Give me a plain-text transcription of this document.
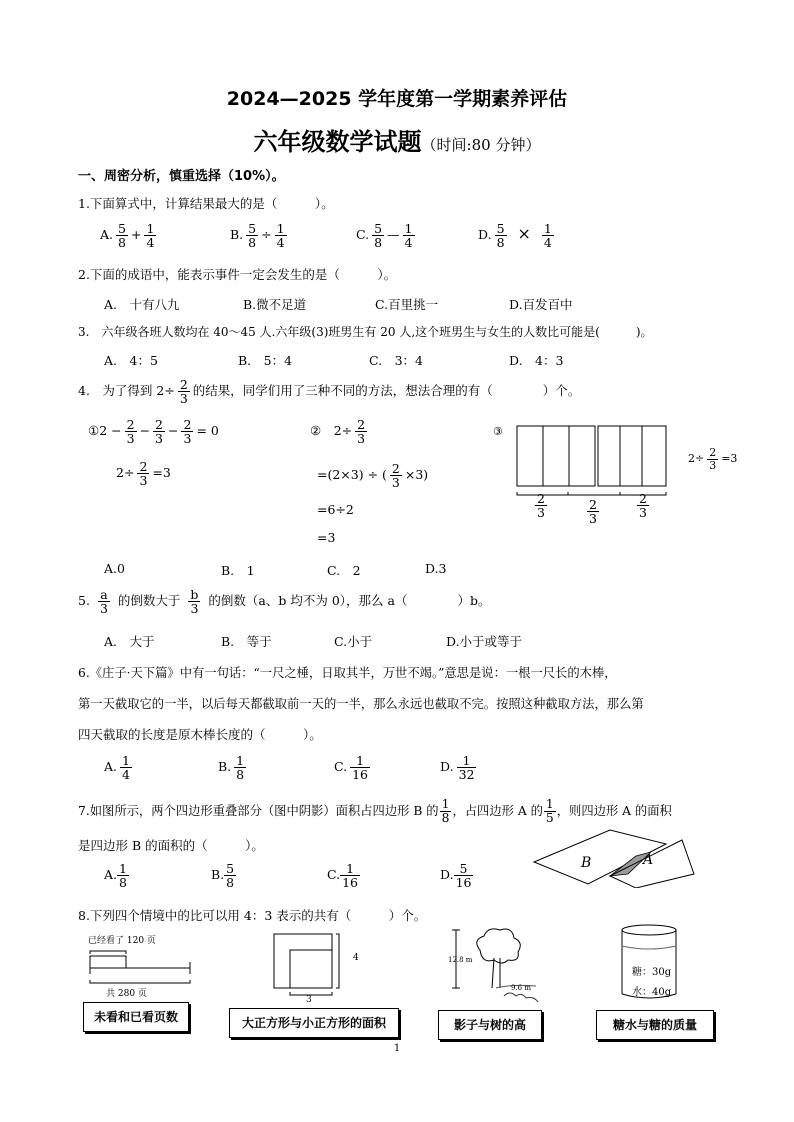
2024—2025 学年度第一学期素养评估
六年级数学试题（时间:80 分钟）
一、周密分析，慎重选择（10%）。
1.下面算式中，计算结果最大的是（　　　）。
A. $\frac{5}{8} + \frac{1}{4}$	B. $\frac{5}{8} \div \frac{1}{4}$	C. $\frac{5}{8}$ — $\frac{1}{4}$	D. $\frac{5}{8} \times \frac{1}{4}$
2.下面的成语中，能表示事件一定会发生的是（　　　）。
A.　十有八九	B.微不足道	C.百里挑一	D.百发百中
3.　六年级各班人数均在 40～45 人.六年级(3)班男生有 20 人,这个班男生与女生的人数比可能是(　　　)。
A.　4：5	B.　5：4	C.　3：4	D.　4：3
4.　为了得到 $2\div \frac{2}{3}$ 的结果，同学们用了三种不同的方法，想法合理的有（　　　　）个。
①2 − $\frac{2}{3} - \frac{2}{3} - \frac{2}{3} = 0$
$2\div \frac{2}{3} =3$
②　$2\div \frac{2}{3}$
=(2×3) ÷ ( $\frac{2}{3} \times 3$)
=6÷2
=3
③
$\frac{2}{3}$	$\frac{2}{3}$	$\frac{2}{3}$
$2\div \frac{2}{3} =3$
A.0	B.　1	C.　2	D.3
5. $\frac{a}{3}$ 的倒数大于 $\frac{b}{3}$ 的倒数（a、b 均不为 0），那么 a（　　　　）b。
A.　大于	B.　等于	C.小于	D.小于或等于
6.《庄子·天下篇》中有一句话：“一尺之棰，日取其半，万世不竭。”意思是说：一根一尺长的木棒，
第一天截取它的一半，以后每天都截取前一天的一半，那么永远也截取不完。按照这种截取方法，那么第
四天截取的长度是原木棒长度的（　　　）。
A. $\frac{1}{4}$	B. $\frac{1}{8}$	C. $\frac{1}{16}$	D. $\frac{1}{32}$
7.如图所示，两个四边形重叠部分（图中阴影）面积占四边形 B 的 $\frac{1}{8}$ ，占四边形 A 的 $\frac{1}{5}$ ，则四边形 A 的面积
是四边形 B 的面积的（　　　）。
B	A
A. $\frac{1}{8}$	B. $\frac{5}{8}$	C. $\frac{1}{16}$	D. $\frac{5}{16}$
8.下列四个情境中的比可以用 4：3 表示的共有（　　　）个。
已经看了 120 页
共 280 页
未看和已看页数
4
3
大正方形与小正方形的面积
12.8 m
9.6 m
影子与树的高
糖：30g
水：40g
糖水与糖的质量
1
